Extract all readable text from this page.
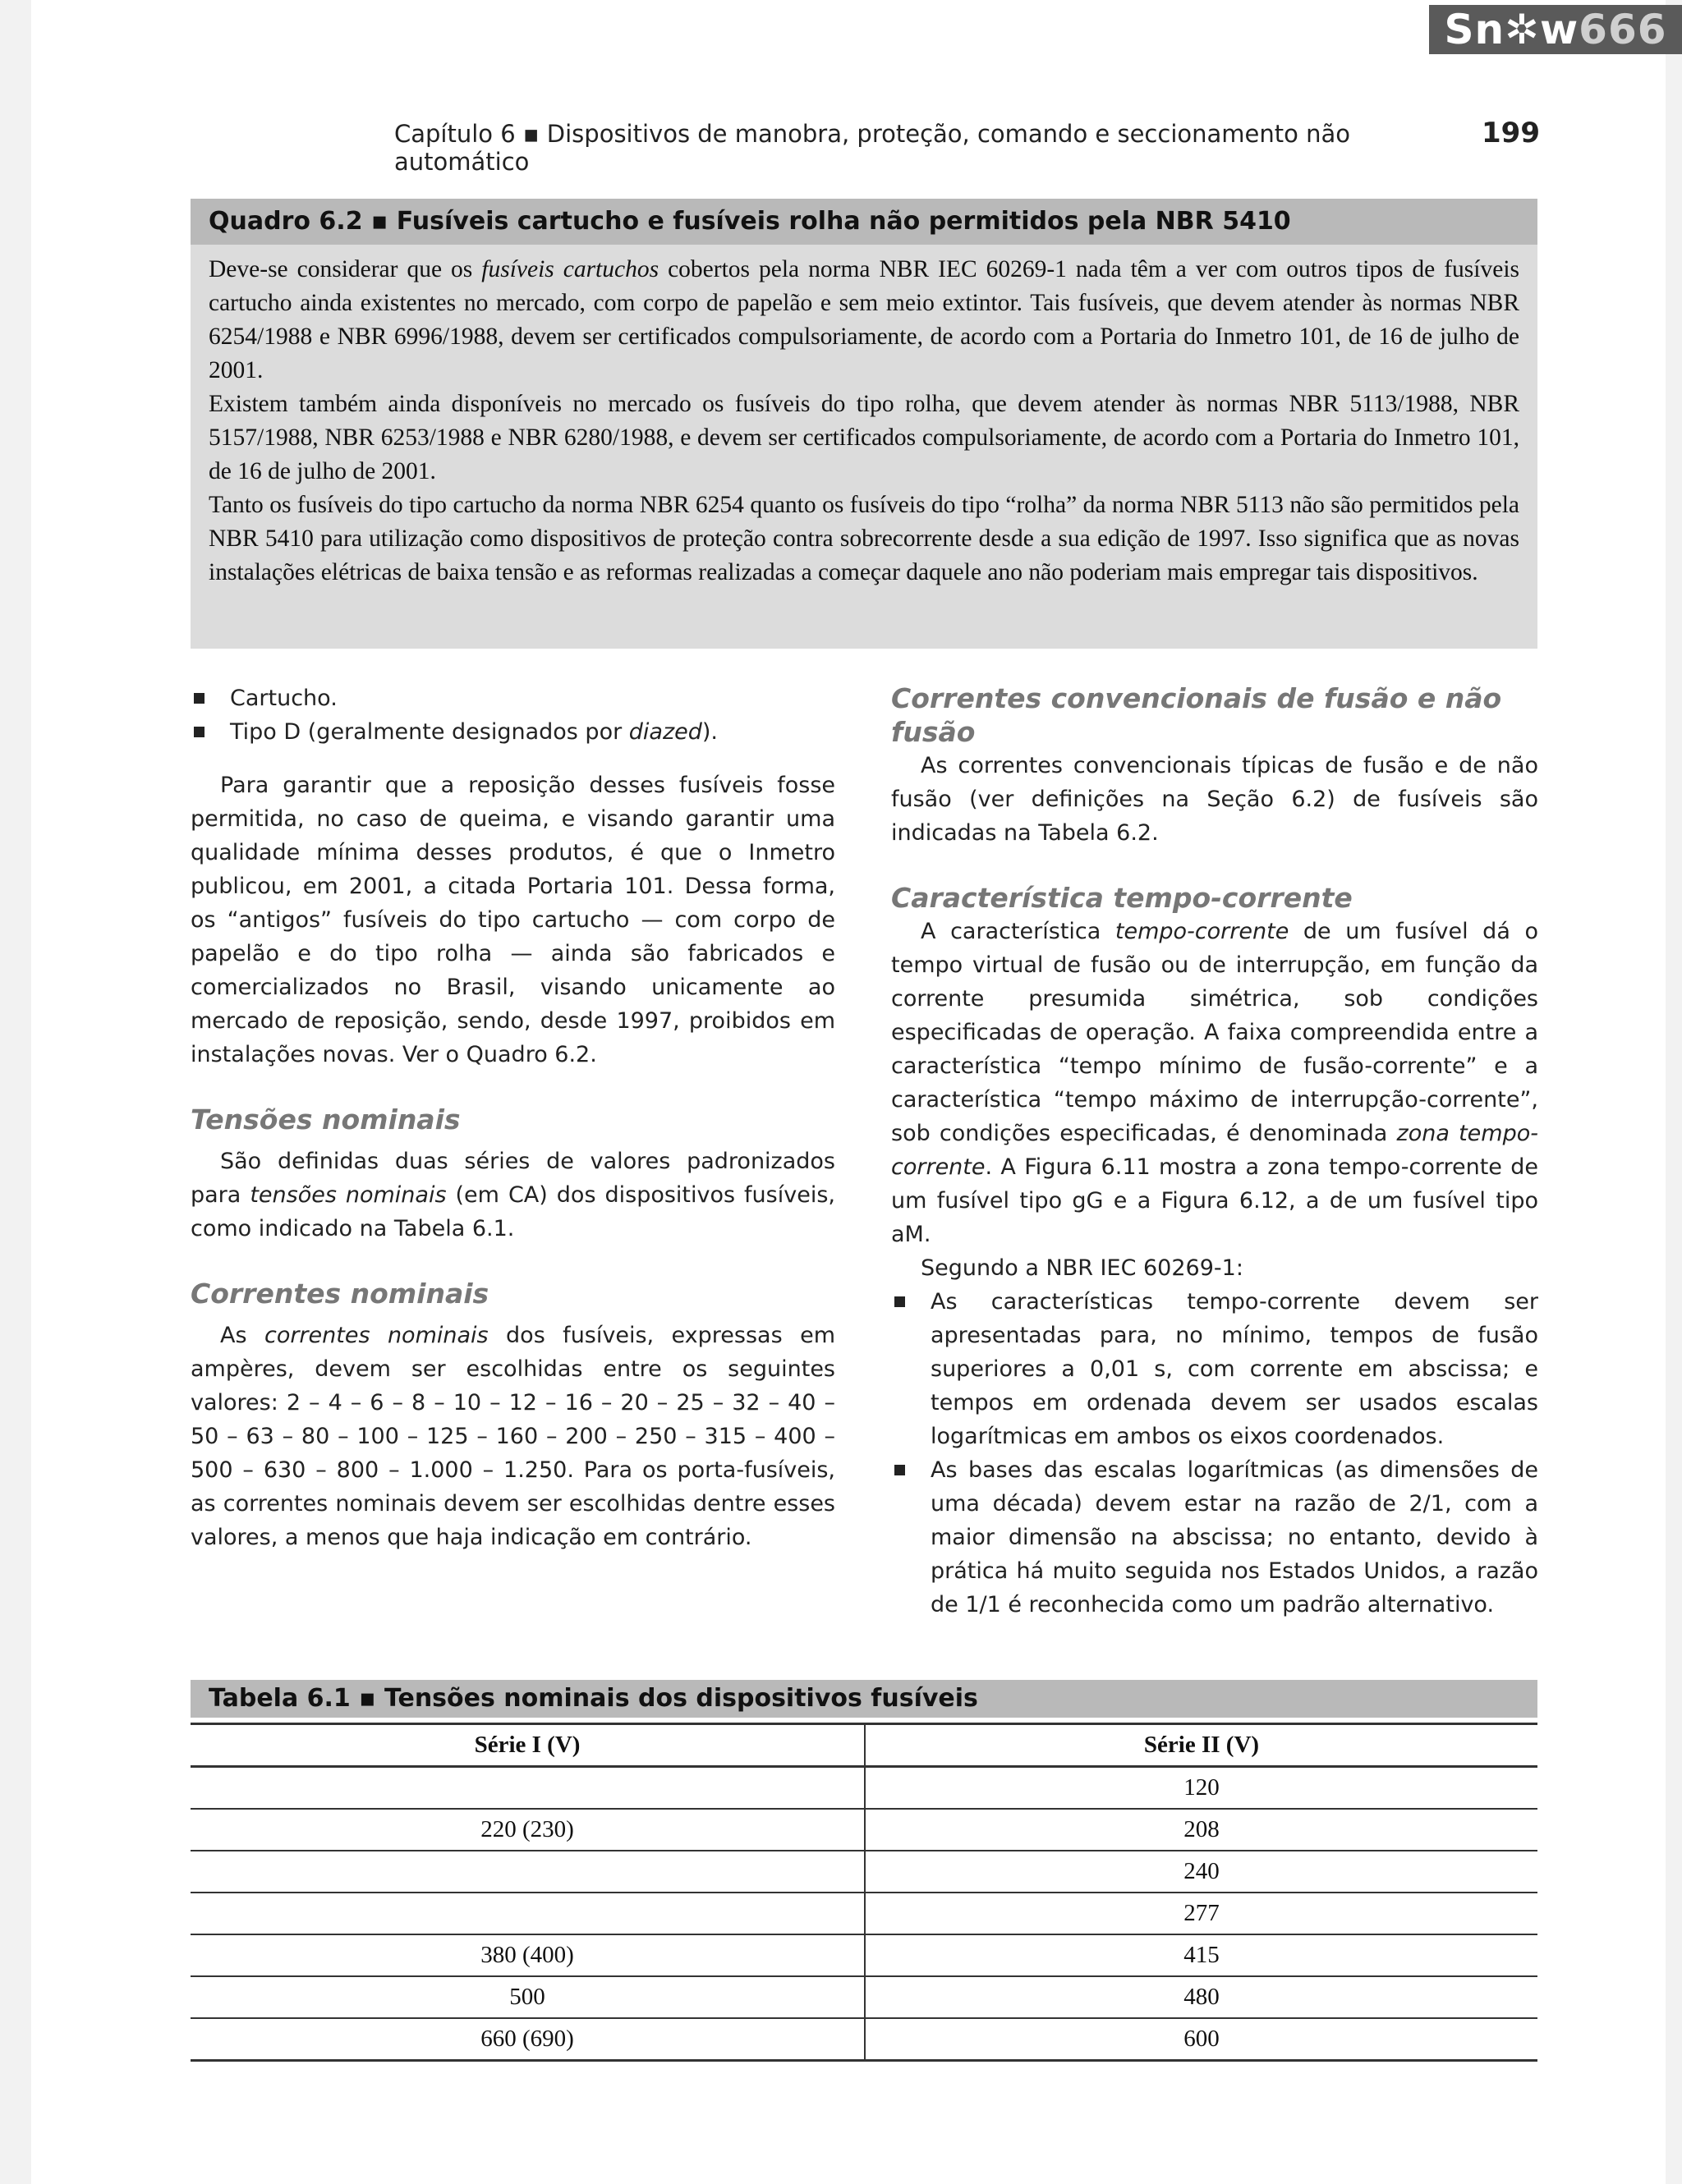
Sn✲w666
Capítulo 6 ▪ Dispositivos de manobra, proteção, comando e seccionamento não automático
199
Quadro 6.2 ▪ Fusíveis cartucho e fusíveis rolha não permitidos pela NBR 5410

Deve-se considerar que os fusíveis cartuchos cobertos pela norma NBR IEC 60269-1 nada têm a ver com outros tipos de fusíveis cartucho ainda existentes no mercado, com corpo de papelão e sem meio extintor. Tais fusíveis, que devem atender às normas NBR 6254/1988 e NBR 6996/1988, devem ser certificados compulsoriamente, de acordo com a Portaria do Inmetro 101, de 16 de julho de 2001.

Existem também ainda disponíveis no mercado os fusíveis do tipo rolha, que devem atender às normas NBR 5113/1988, NBR 5157/1988, NBR 6253/1988 e NBR 6280/1988, e devem ser certificados compulsoriamente, de acordo com a Portaria do Inmetro 101, de 16 de julho de 2001.

Tanto os fusíveis do tipo cartucho da norma NBR 6254 quanto os fusíveis do tipo “rolha” da norma NBR 5113 não são permitidos pela NBR 5410 para utilização como dispositivos de proteção contra sobrecorrente desde a sua edição de 1997. Isso significa que as novas instalações elétricas de baixa tensão e as reformas realizadas a começar daquele ano não poderiam mais empregar tais dispositivos.

Cartucho.
Tipo D (geralmente designados por diazed).

Para garantir que a reposição desses fusíveis fosse permitida, no caso de queima, e visando garantir uma qualidade mínima desses produtos, é que o Inmetro publicou, em 2001, a citada Portaria 101. Dessa forma, os “antigos” fusíveis do tipo cartucho — com corpo de papelão e do tipo rolha — ainda são fabricados e comercializados no Brasil, visando unicamente ao mercado de reposição, sendo, desde 1997, proibidos em instalações novas. Ver o Quadro 6.2.

Tensões nominais

São definidas duas séries de valores padronizados para tensões nominais (em CA) dos dispositivos fusíveis, como indicado na Tabela 6.1.

Correntes nominais

As correntes nominais dos fusíveis, expressas em ampères, devem ser escolhidas entre os seguintes valores: 2 – 4 – 6 – 8 – 10 – 12 – 16 – 20 – 25 – 32 – 40 – 50 – 63 – 80 – 100 – 125 – 160 – 200 – 250 – 315 – 400 – 500 – 630 – 800 – 1.000 – 1.250. Para os porta-fusíveis, as correntes nominais devem ser escolhidas dentre esses valores, a menos que haja indicação em contrário.

Correntes convencionais de fusão e não fusão

As correntes convencionais típicas de fusão e de não fusão (ver definições na Seção 6.2) de fusíveis são indicadas na Tabela 6.2.

Característica tempo-corrente

A característica tempo-corrente de um fusível dá o tempo virtual de fusão ou de interrupção, em função da corrente presumida simétrica, sob condições especificadas de operação. A faixa compreendida entre a característica “tempo mínimo de fusão-corrente” e a característica “tempo máximo de interrupção-corrente”, sob condições especificadas, é denominada zona tempo-corrente. A Figura 6.11 mostra a zona tempo-corrente de um fusível tipo gG e a Figura 6.12, a de um fusível tipo aM.

Segundo a NBR IEC 60269-1:

As características tempo-corrente devem ser apresentadas para, no mínimo, tempos de fusão superiores a 0,01 s, com corrente em abscissa; e tempos em ordenada devem ser usados escalas logarítmicas em ambos os eixos coordenados.
As bases das escalas logarítmicas (as dimensões de uma década) devem estar na razão de 2/1, com a maior dimensão na abscissa; no entanto, devido à prática há muito seguida nos Estados Unidos, a razão de 1/1 é reconhecida como um padrão alternativo.
Tabela 6.1 ▪ Tensões nominais dos dispositivos fusíveis
Série I (V)	Série II (V)
	120
220 (230)	208
	240
	277
380 (400)	415
500	480
660 (690)	600
